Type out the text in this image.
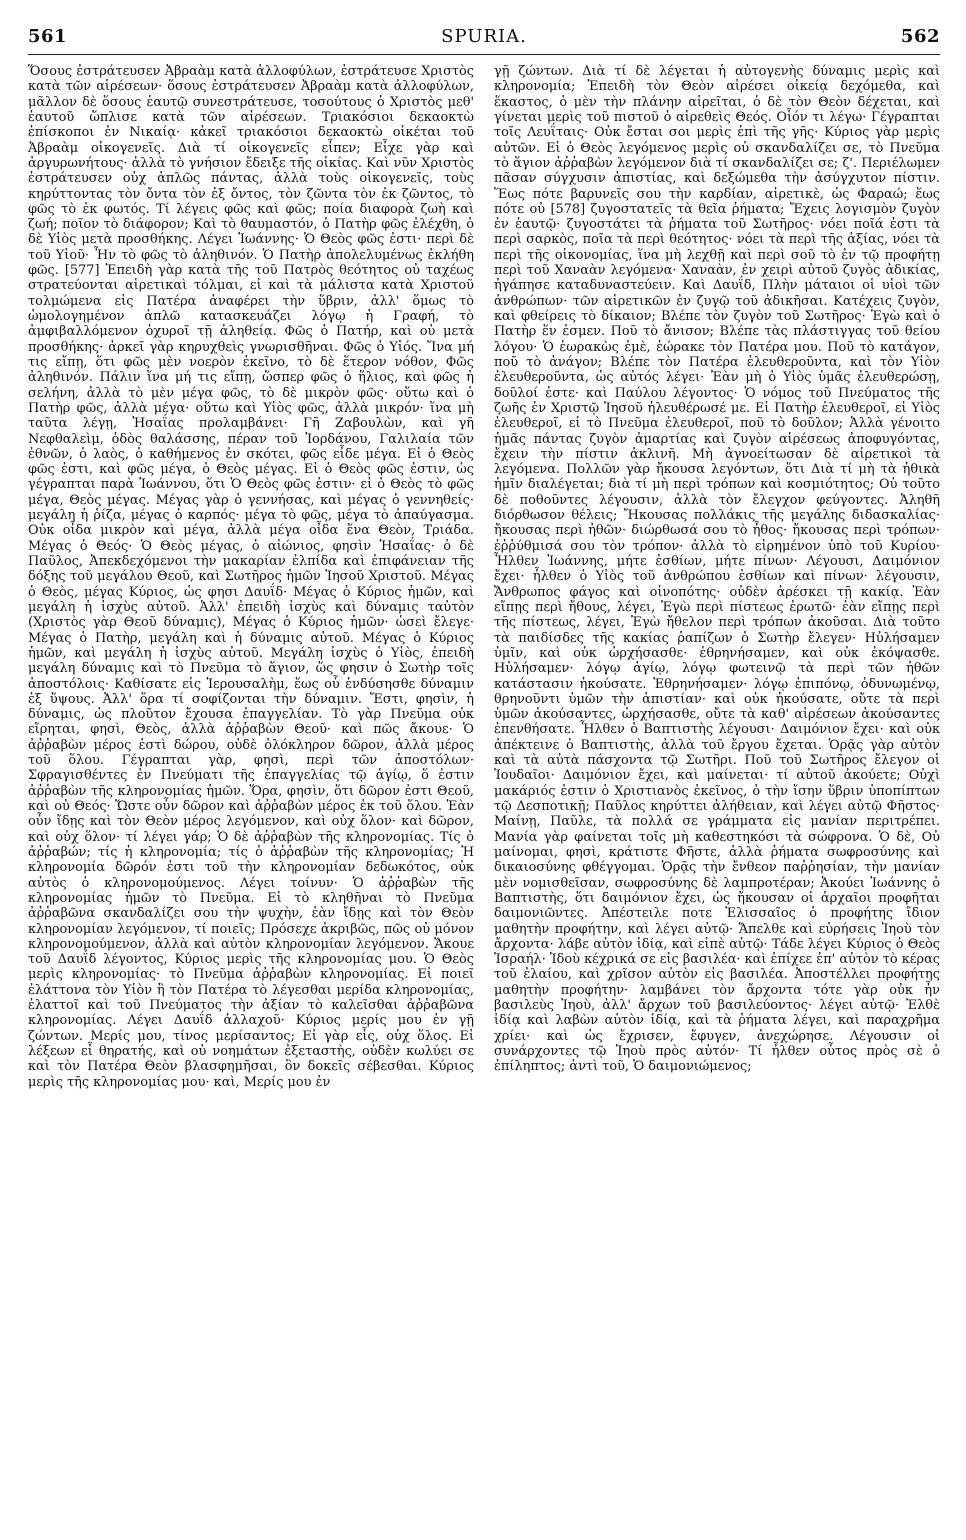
561	SPURIA.	562

Ὅσους ἐστράτευσεν Ἀβραὰμ κατὰ ἀλλοφύλων, ἐστράτευσε Χριστὸς κατὰ τῶν αἱρέσεων· ὅσους ἐστράτευσεν Ἀβραὰμ κατὰ ἀλλοφύλων, μᾶλλον δὲ ὅσους ἑαυτῷ συνεστράτευσε, τοσούτους ὁ Χριστὸς μεθ' ἑαυτοῦ ὥπλισε κατὰ τῶν αἱρέσεων. Τριακόσιοι δεκαοκτὼ ἐπίσκοποι ἐν Νικαίᾳ· κἀκεῖ τριακόσιοι δεκαοκτὼ οἰκέται τοῦ Ἀβραὰμ οἰκογενεῖς. Διὰ τί οἰκογενεῖς εἶπεν; Εἶχε γὰρ καὶ ἀργυρωνήτους· ἀλλὰ τὸ γνήσιον ἔδειξε τῆς οἰκίας. Καὶ νῦν Χριστὸς ἐστράτευσεν οὐχ ἁπλῶς πάντας, ἀλλὰ τοὺς οἰκογενεῖς, τοὺς κηρύττοντας τὸν ὄντα τὸν ἐξ ὄντος, τὸν ζῶντα τὸν ἐκ ζῶντος, τὸ φῶς τὸ ἐκ φωτός. Τί λέγεις φῶς καὶ φῶς; ποία διαφορὰ ζωὴ καὶ ζωή; ποῖον τὸ διάφορον; Καὶ τὸ θαυμαστόν, ὁ Πατὴρ φῶς ἐλέχθη, ὁ δὲ Υἱὸς μετὰ προσθήκης. Λέγει Ἰωάννης· Ὁ Θεὸς φῶς ἐστι· περὶ δὲ τοῦ Υἱοῦ· Ἦν τὸ φῶς τὸ ἀληθινόν. Ὁ Πατὴρ ἀπολελυμένως ἐκλήθη φῶς. [577] Ἐπειδὴ γὰρ κατὰ τῆς τοῦ Πατρὸς θεότητος οὐ ταχέως στρατεύονται αἱρετικαὶ τόλμαι, εἰ καὶ τὰ μάλιστα κατὰ Χριστοῦ τολμώμενα εἰς Πατέρα ἀναφέρει τὴν ὕβριν, ἀλλ' ὅμως τὸ ὡμολογημένον ἁπλῶ κατασκευάζει λόγῳ ἡ Γραφή, τὸ ἀμφιβαλλόμενον ὀχυροῖ τῇ ἀληθείᾳ. Φῶς ὁ Πατήρ, καὶ οὐ μετὰ προσθήκης· ἀρκεῖ γὰρ κηρυχθεὶς γνωρισθῆναι. Φῶς ὁ Υἱός. Ἵνα μή τις εἴπῃ, ὅτι φῶς μὲν νοερὸν ἐκεῖνο, τὸ δὲ ἕτερον νόθον, Φῶς ἀληθινόν. Πάλιν ἵνα μή τις εἴπῃ, ὥσπερ φῶς ὁ ἥλιος, καὶ φῶς ἡ σελήνη, ἀλλὰ τὸ μὲν μέγα φῶς, τὸ δὲ μικρὸν φῶς· οὕτω καὶ ὁ Πατὴρ φῶς, ἀλλὰ μέγα· οὕτω καὶ Υἱὸς φῶς, ἀλλὰ μικρόν· ἵνα μὴ ταῦτα λέγῃ, Ἡσαΐας προλαμβάνει· Γῆ Ζαβουλὼν, καὶ γῆ Νεφθαλεὶμ, ὁδὸς θαλάσσης, πέραν τοῦ Ἰορδάνου, Γαλιλαία τῶν ἐθνῶν, ὁ λαὸς, ὁ καθήμενος ἐν σκότει, φῶς εἶδε μέγα. Εἰ ὁ Θεὸς φῶς ἐστι, καὶ φῶς μέγα, ὁ Θεὸς μέγας. Εἰ ὁ Θεὸς φῶς ἐστιν, ὡς γέγραπται παρὰ Ἰωάννου, ὅτι Ὁ Θεὸς φῶς ἐστιν· εἰ ὁ Θεὸς τὸ φῶς μέγα, Θεὸς μέγας. Μέγας γὰρ ὁ γεννήσας, καὶ μέγας ὁ γεννηθείς· μεγάλη ἡ ῥίζα, μέγας ὁ καρπός· μέγα τὸ φῶς, μέγα τὸ ἀπαύγασμα. Οὐκ οἶδα μικρὸν καὶ μέγα, ἀλλὰ μέγα οἶδα ἕνα Θεὸν, Τριάδα. Μέγας ὁ Θεός· Ὁ Θεὸς μέγας, ὁ αἰώνιος, φησὶν Ἡσαΐας· ὁ δὲ Παῦλος, Ἀπεκδεχόμενοι τὴν μακαρίαν ἐλπίδα καὶ ἐπιφάνειαν τῆς δόξης τοῦ μεγάλου Θεοῦ, καὶ Σωτῆρος ἡμῶν Ἰησοῦ Χριστοῦ. Μέγας ὁ Θεὸς, μέγας Κύριος, ὡς φησι Δαυΐδ· Μέγας ὁ Κύριος ἡμῶν, καὶ μεγάλη ἡ ἰσχὺς αὐτοῦ. Ἀλλ' ἐπειδὴ ἰσχὺς καὶ δύναμις ταὐτὸν (Χριστὸς γὰρ Θεοῦ δύναμις), Μέγας ὁ Κύριος ἡμῶν· ὡσεὶ ἔλεγε· Μέγας ὁ Πατὴρ, μεγάλη καὶ ἡ δύναμις αὐτοῦ. Μέγας ὁ Κύριος ἡμῶν, καὶ μεγάλη ἡ ἰσχὺς αὐτοῦ. Μεγάλη ἰσχὺς ὁ Υἱὸς, ἐπειδὴ μεγάλη δύναμις καὶ τὸ Πνεῦμα τὸ ἅγιον, ὥς φησιν ὁ Σωτὴρ τοῖς ἀποστόλοις· Καθίσατε εἰς Ἱερουσαλὴμ, ἕως οὗ ἐνδύσησθε δύναμιν ἐξ ὕψους. Ἀλλ' ὅρα τί σοφίζονται τὴν δύναμιν. Ἔστι, φησὶν, ἡ δύναμις, ὡς πλοῦτον ἔχουσα ἐπαγγελίαν. Τὸ γὰρ Πνεῦμα οὐκ εἴρηται, φησὶ, Θεὸς, ἀλλὰ ἀῤῥαβὼν Θεοῦ· καὶ πῶς ἄκουε· Ὁ ἀῤῥαβὼν μέρος ἐστὶ δώρου, οὐδὲ ὁλόκληρον δῶρον, ἀλλὰ μέρος τοῦ ὅλου. Γέγραπται γὰρ, φησὶ, περὶ τῶν ἀποστόλων· Σφραγισθέντες ἐν Πνεύματι τῆς ἐπαγγελίας τῷ ἁγίῳ, ὅ ἐστιν ἀῤῥαβὼν τῆς κληρονομίας ἡμῶν. Ὅρα, φησὶν, ὅτι δῶρον ἐστι Θεοῦ, καὶ οὐ Θεός· Ὥστε οὖν δῶρον καὶ ἀῤῥαβὼν μέρος ἐκ τοῦ ὅλου. Ἐὰν οὖν ἴδῃς καὶ τὸν Θεὸν μέρος λεγόμενον, καὶ οὐχ ὅλον· καὶ δῶρον, καὶ οὐχ ὅλον· τί λέγει γάρ; Ὁ δὲ ἀῤῥαβὼν τῆς κληρονομίας. Τίς ὁ ἀῤῥαβών; τίς ἡ κληρονομία; τίς ὁ ἀῤῥαβὼν τῆς κληρονομίας; Ἡ κληρονομία δῶρόν ἐστι τοῦ τὴν κληρονομίαν δεδωκότος, οὐκ αὐτὸς ὁ κληρονομούμενος. Λέγει τοίνυν· Ὁ ἀῤῥαβὼν τῆς κληρονομίας ἡμῶν τὸ Πνεῦμα. Εἰ τὸ κληθῆναι τὸ Πνεῦμα ἀῤῥαβῶνα σκανδαλίζει σου τὴν ψυχὴν, ἐὰν ἴδῃς καὶ τὸν Θεὸν κληρονομίαν λεγόμενον, τί ποιεῖς; Πρόσεχε ἀκριβῶς, πῶς οὐ μόνον κληρονομούμενον, ἀλλὰ καὶ αὐτὸν κληρονομίαν λεγόμενον. Ἄκουε τοῦ Δαυΐδ λέγοντος, Κύριος μερὶς τῆς κληρονομίας μου. Ὁ Θεὸς μερὶς κληρονομίας· τὸ Πνεῦμα ἀῤῥαβὼν κληρονομίας. Εἰ ποιεῖ ἐλάττονα τὸν Υἱὸν ἢ τὸν Πατέρα τὸ λέγεσθαι μερίδα κληρονομίας, ἐλαττοῖ καὶ τοῦ Πνεύματος τὴν ἀξίαν τὸ καλεῖσθαι ἀῤῥαβῶνα κληρονομίας. Λέγει Δαυΐδ ἀλλαχοῦ· Κύριος μερίς μου ἐν γῇ ζώντων. Μερίς μου, τίνος μερίσαντος; Εἰ γὰρ εἷς, οὐχ ὅλος. Εἰ λέξεων εἶ θηρατής, καὶ οὐ νοημάτων ἐξεταστὴς, οὐδὲν κωλύει σε καὶ τὸν Πατέρα Θεὸν βλασφημῆσαι, ὃν δοκεῖς σέβεσθαι. Κύριος μερὶς τῆς κληρονομίας μου· καὶ, Μερίς μου ἐν

γῇ ζώντων. Διὰ τί δὲ λέγεται ἡ αὐτογενὴς δύναμις μερὶς καὶ κληρονομία; Ἐπειδὴ τὸν Θεὸν αἱρέσει οἰκείᾳ δεχόμεθα, καὶ ἕκαστος, ὁ μὲν τὴν πλάνην αἱρεῖται, ὁ δὲ τὸν Θεὸν δέχεται, καὶ γίνεται μερὶς τοῦ πιστοῦ ὁ αἱρεθεὶς Θεός. Οἷόν τι λέγω· Γέγραπται τοῖς Λευΐταις· Οὐκ ἔσται σοι μερὶς ἐπὶ τῆς γῆς· Κύριος γὰρ μερὶς αὐτῶν. Εἰ ὁ Θεὸς λεγόμενος μερὶς οὐ σκανδαλίζει σε, τὸ Πνεῦμα τὸ ἅγιον ἀῤῥαβὼν λεγόμενον διὰ τί σκανδαλίζει σε; ζ'. Περιέλωμεν πᾶσαν σύγχυσιν ἀπιστίας, καὶ δεξώμεθα τὴν ἀσύγχυτον πίστιν. Ἕως πότε βαρυνεῖς σου τὴν καρδίαν, αἱρετικὲ, ὡς Φαραώ; ἕως πότε οὐ [578] ζυγοστατεῖς τὰ θεῖα ῥήματα; Ἔχεις λογισμὸν ζυγὸν ἐν ἑαυτῷ· ζυγοστάτει τὰ ῥήματα τοῦ Σωτῆρος· νόει ποῖά ἐστι τὰ περὶ σαρκὸς, ποῖα τὰ περὶ θεότητος· νόει τὰ περὶ τῆς ἀξίας, νόει τὰ περὶ τῆς οἰκονομίας, ἵνα μὴ λεχθῇ καὶ περὶ σοῦ τὸ ἐν τῷ προφήτῃ περὶ τοῦ Χαναὰν λεγόμενα· Χαναὰν, ἐν χειρὶ αὐτοῦ ζυγὸς ἀδικίας, ἠγάπησε καταδυναστεύειν. Καὶ Δαυΐδ, Πλὴν μάταιοι οἱ υἱοὶ τῶν ἀνθρώπων· τῶν αἱρετικῶν ἐν ζυγῷ τοῦ ἀδικῆσαι. Κατέχεις ζυγὸν, καὶ φθείρεις τὸ δίκαιον; Βλέπε τὸν ζυγὸν τοῦ Σωτῆρος· Ἐγὼ καὶ ὁ Πατὴρ ἕν ἐσμεν. Ποῦ τὸ ἄνισον; Βλέπε τὰς πλάστιγγας τοῦ θείου λόγου· Ὁ ἑωρακὼς ἐμὲ, ἑώρακε τὸν Πατέρα μου. Ποῦ τὸ κατάγον, ποῦ τὸ ἀνάγον; Βλέπε τὸν Πατέρα ἐλευθεροῦντα, καὶ τὸν Υἱὸν ἐλευθεροῦντα, ὡς αὐτός λέγει· Ἐὰν μὴ ὁ Υἱὸς ὑμᾶς ἐλευθερώσῃ, δοῦλοί ἐστε· καὶ Παύλου λέγοντος· Ὁ νόμος τοῦ Πνεύματος τῆς ζωῆς ἐν Χριστῷ Ἰησοῦ ἠλευθέρωσέ με. Εἰ Πατὴρ ἐλευθεροῖ, εἰ Υἱὸς ἐλευθεροῖ, εἰ τὸ Πνεῦμα ἐλευθεροῖ, ποῦ τὸ δοῦλον; Ἀλλὰ γένοιτο ἡμᾶς πάντας ζυγὸν ἁμαρτίας καὶ ζυγὸν αἱρέσεως ἀποφυγόντας, ἔχειν τὴν πίστιν ἀκλινῆ. Μὴ ἀγνοείτωσαν δὲ αἱρετικοὶ τὰ λεγόμενα. Πολλῶν γὰρ ἤκουσα λεγόντων, ὅτι Διὰ τί μὴ τὰ ἠθικὰ ἡμῖν διαλέγεται; διὰ τί μὴ περὶ τρόπων καὶ κοσμιότητος; Οὐ τοῦτο δὲ ποθοῦντες λέγουσιν, ἀλλὰ τὸν ἔλεγχον φεύγοντες. Ἀληθῆ διόρθωσον θέλεις; Ἤκουσας πολλάκις τῆς μεγάλης διδασκαλίας· ἤκουσας περὶ ἠθῶν· διώρθωσά σου τὸ ἦθος· ἤκουσας περὶ τρόπων· ἐῤῥύθμισά σου τὸν τρόπον· ἀλλὰ τὸ εἰρημένον ὑπὸ τοῦ Κυρίου· Ἦλθεν Ἰωάννης, μήτε ἐσθίων, μήτε πίνων· Λέγουσι, Δαιμόνιον ἔχει· ἦλθεν ὁ Υἱὸς τοῦ ἀνθρώπου ἐσθίων καὶ πίνων· λέγουσιν, Ἄνθρωπος φάγος καὶ οἰνοπότης· οὐδὲν ἀρέσκει τῇ κακίᾳ. Ἐὰν εἴπῃς περὶ ἤθους, λέγει, Ἐγὼ περὶ πίστεως ἐρωτῶ· ἐὰν εἴπῃς περὶ τῆς πίστεως, λέγει, Ἐγὼ ἤθελον περὶ τρόπων ἀκοῦσαι. Διὰ τοῦτο τὰ παιδίσδες τῆς κακίας ῥαπίζων ὁ Σωτὴρ ἔλεγεν· Ηὐλήσαμεν ὑμῖν, καὶ οὐκ ὠρχήσασθε· ἐθρηνήσαμεν, καὶ οὐκ ἐκόψασθε. Ηὐλήσαμεν· λόγῳ ἁγίῳ, λόγῳ φωτεινῷ τὰ περὶ τῶν ἠθῶν κατάστασιν ἠκούσατε. Ἐθρηνήσαμεν· λόγῳ ἐπιπόνῳ, ὀδυνωμένῳ, θρηνοῦντι ὑμῶν τὴν ἀπιστίαν· καὶ οὐκ ἠκούσατε, οὔτε τὰ περὶ ὑμῶν ἀκούσαντες, ὠρχήσασθε, οὔτε τὰ καθ' αἱρέσεων ἀκούσαντες ἐπενθήσατε. Ἦλθεν ὁ Βαπτιστὴς λέγουσι· Δαιμόνιον ἔχει· καὶ οὐκ ἀπέκτεινε ὁ Βαπτιστὴς, ἀλλὰ τοῦ ἔργου ἔχεται. Ὁρᾷς γὰρ αὐτὸν καὶ τὰ αὐτὰ πάσχοντα τῷ Σωτῆρι. Ποῦ τοῦ Σωτῆρος ἔλεγον οἱ Ἰουδαῖοι· Δαιμόνιον ἔχει, καὶ μαίνεται· τί αὐτοῦ ἀκούετε; Οὐχὶ μακάριός ἐστιν ὁ Χριστιανὸς ἐκεῖνος, ὁ τὴν ἴσην ὕβριν ὑποπίπτων τῷ Δεσποτικῇ; Παῦλος κηρύττει ἀλήθειαν, καὶ λέγει αὐτῷ Φῆστος· Μαίνῃ, Παῦλε, τὰ πολλά σε γράμματα εἰς μανίαν περιτρέπει. Μανία γὰρ φαίνεται τοῖς μὴ καθεστηκόσι τὰ σώφρονα. Ὁ δὲ, Οὐ μαίνομαι, φησὶ, κράτιστε Φῆστε, ἀλλὰ ῥήματα σωφροσύνης καὶ δικαιοσύνης φθέγγομαι. Ὁρᾷς τὴν ἔνθεον παῤῥησίαν, τὴν μανίαν μὲν νομισθεῖσαν, σωφροσύνης δὲ λαμπροτέραν; Ἀκούει Ἰωάννης ὁ Βαπτιστὴς, ὅτι δαιμόνιον ἔχει, ὡς ἤκουσαν οἱ ἀρχαῖοι προφῆται δαιμονιῶντες. Ἀπέστειλε ποτε Ἐλισσαῖος ὁ προφήτης ἴδιον μαθητὴν προφήτην, καὶ λέγει αὐτῷ· Ἄπελθε καὶ εὑρήσεις Ἰηοὺ τὸν ἄρχοντα· λάβε αὐτὸν ἰδίᾳ, καὶ εἰπὲ αὐτῷ· Τάδε λέγει Κύριος ὁ Θεὸς Ἰσραήλ· Ἰδοὺ κέχρικά σε εἰς βασιλέα· καὶ ἐπίχεε ἐπ' αὐτὸν τὸ κέρας τοῦ ἐλαίου, καὶ χρῖσον αὐτὸν εἰς βασιλέα. Ἀποστέλλει προφήτης μαθητὴν προφήτην· λαμβάνει τὸν ἄρχοντα τότε γὰρ οὐκ ἦν βασιλεὺς Ἰηοὺ, ἀλλ' ἄρχων τοῦ βασιλεύοντος· λέγει αὐτῷ· Ἐλθὲ ἰδίᾳ καὶ λαβὼν αὐτὸν ἰδίᾳ, καὶ τὰ ῥήματα λέγει, καὶ παραχρῆμα χρίει· καὶ ὡς ἔχρισεν, ἔφυγεν, ἀνεχώρησε. Λέγουσιν οἱ συνάρχοντες τῷ Ἰηοὺ πρὸς αὐτόν· Τί ἦλθεν οὗτος πρὸς σὲ ὁ ἐπίληπτος; ἀντὶ τοῦ, Ὁ δαιμονιώμενος;
